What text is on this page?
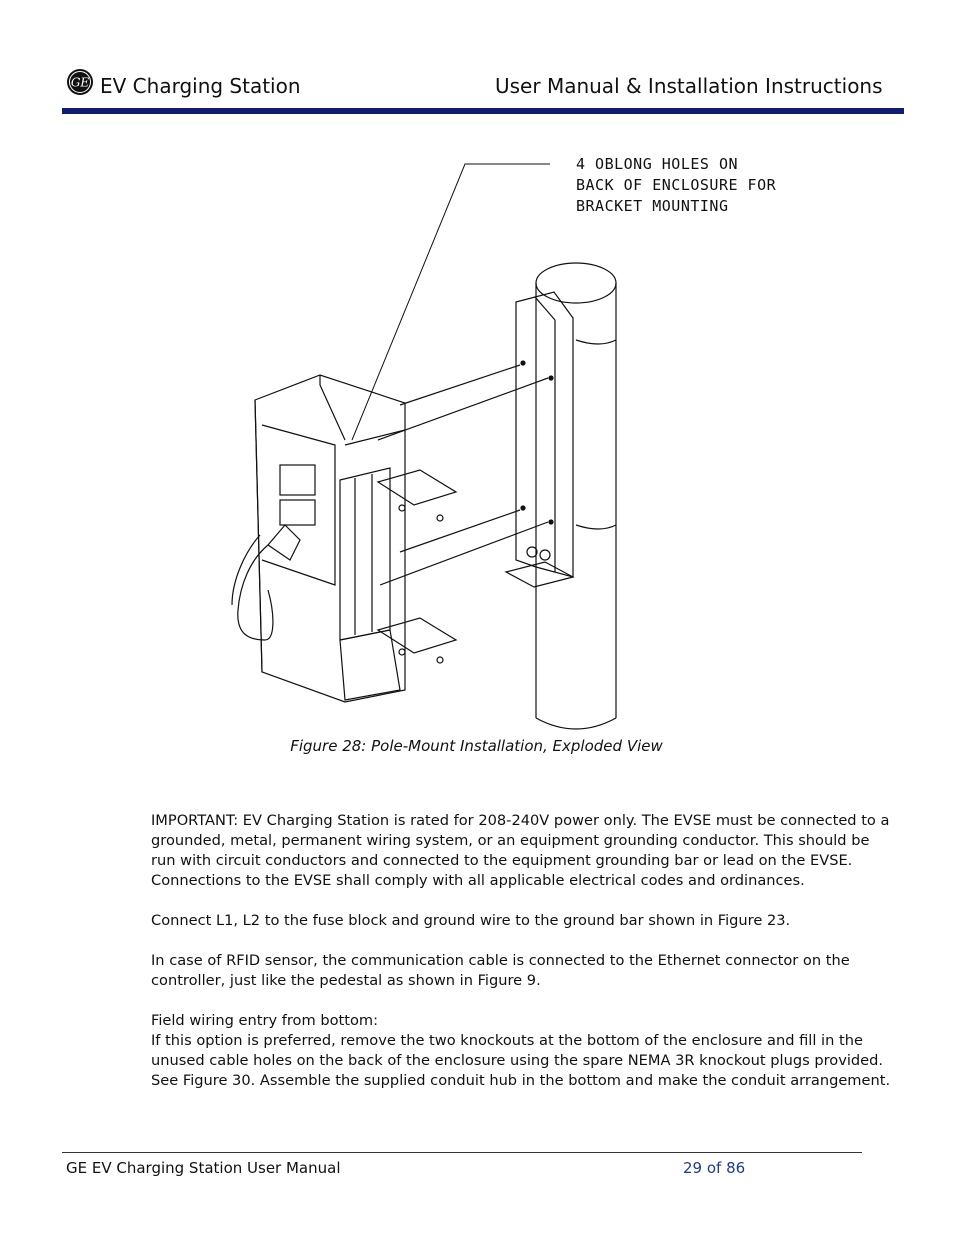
GE EV Charging Station	User Manual & Installation Instructions
4 OBLONG HOLES ON
BACK OF ENCLOSURE FOR
BRACKET MOUNTING
Figure 28: Pole-Mount Installation, Exploded View

IMPORTANT: EV Charging Station is rated for 208-240V power only. The EVSE must be connected to a grounded, metal, permanent wiring system, or an equipment grounding conductor. This should be run with circuit conductors and connected to the equipment grounding bar or lead on the EVSE. Connections to the EVSE shall comply with all applicable electrical codes and ordinances.

Connect L1, L2 to the fuse block and ground wire to the ground bar shown in Figure 23.

In case of RFID sensor, the communication cable is connected to the Ethernet connector on the controller, just like the pedestal as shown in Figure 9.

Field wiring entry from bottom:

If this option is preferred, remove the two knockouts at the bottom of the enclosure and fill in the unused cable holes on the back of the enclosure using the spare NEMA 3R knockout plugs provided. See Figure 30. Assemble the supplied conduit hub in the bottom and make the conduit arrangement.

GE EV Charging Station User Manual	29 of 86
